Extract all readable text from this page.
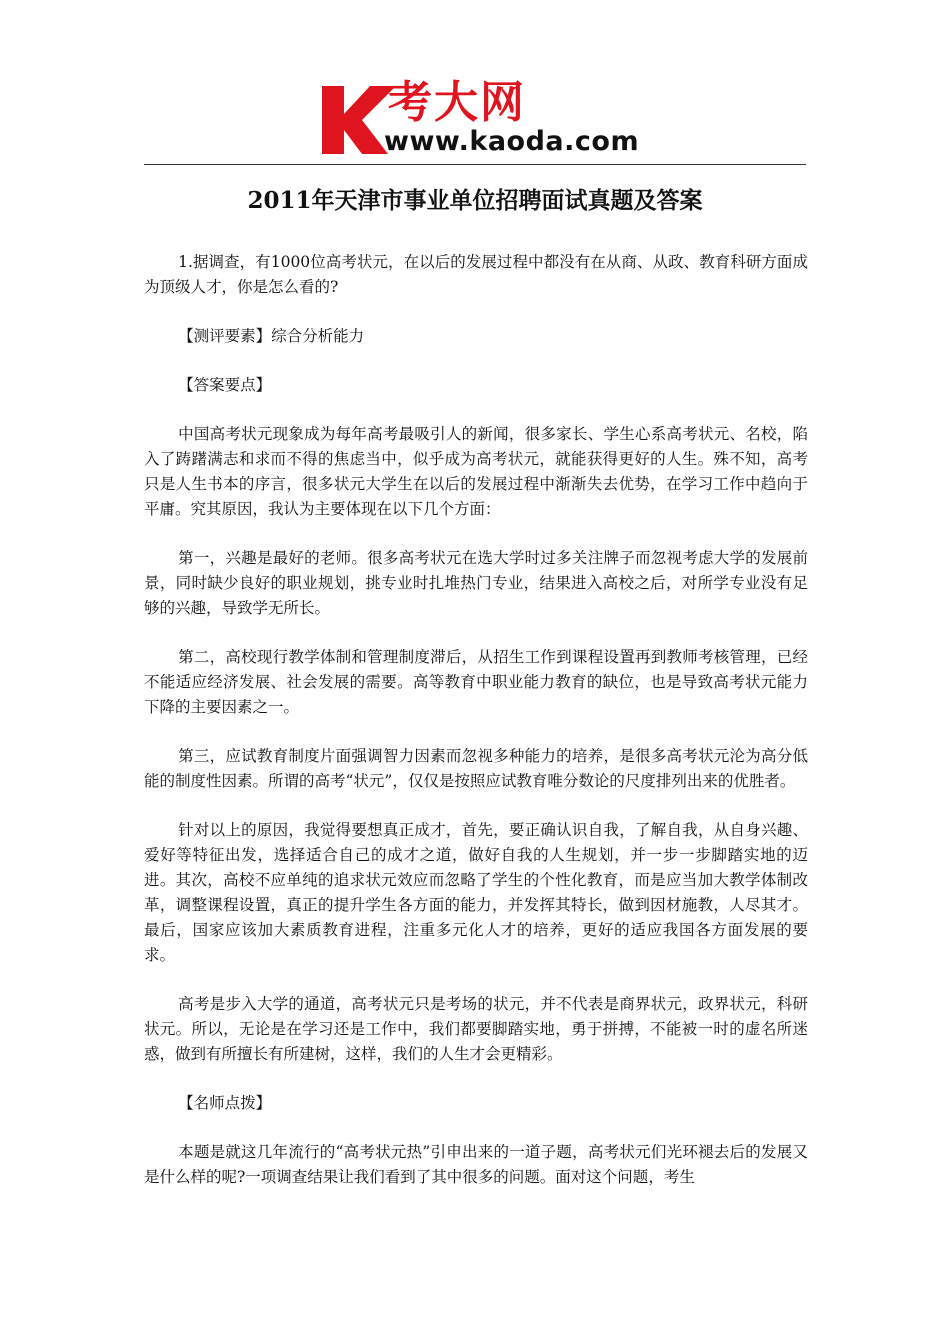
考大网
www.kaoda.com
2011年天津市事业单位招聘面试真题及答案

1.据调查，有1000位高考状元，在以后的发展过程中都没有在从商、从政、教育科研方面成为顶级人才，你是怎么看的?

【测评要素】综合分析能力

【答案要点】

中国高考状元现象成为每年高考最吸引人的新闻，很多家长、学生心系高考状元、名校，陷入了踌躇满志和求而不得的焦虑当中，似乎成为高考状元，就能获得更好的人生。殊不知，高考只是人生书本的序言，很多状元大学生在以后的发展过程中渐渐失去优势，在学习工作中趋向于平庸。究其原因，我认为主要体现在以下几个方面：

第一，兴趣是最好的老师。很多高考状元在选大学时过多关注牌子而忽视考虑大学的发展前景，同时缺少良好的职业规划，挑专业时扎堆热门专业，结果进入高校之后，对所学专业没有足够的兴趣，导致学无所长。

第二，高校现行教学体制和管理制度滞后，从招生工作到课程设置再到教师考核管理，已经不能适应经济发展、社会发展的需要。高等教育中职业能力教育的缺位，也是导致高考状元能力下降的主要因素之一。

第三，应试教育制度片面强调智力因素而忽视多种能力的培养，是很多高考状元沦为高分低能的制度性因素。所谓的高考“状元”，仅仅是按照应试教育唯分数论的尺度排列出来的优胜者。

针对以上的原因，我觉得要想真正成才，首先，要正确认识自我，了解自我，从自身兴趣、爱好等特征出发，选择适合自己的成才之道，做好自我的人生规划，并一步一步脚踏实地的迈进。其次，高校不应单纯的追求状元效应而忽略了学生的个性化教育，而是应当加大教学体制改革，调整课程设置，真正的提升学生各方面的能力，并发挥其特长，做到因材施教，人尽其才。最后，国家应该加大素质教育进程，注重多元化人才的培养，更好的适应我国各方面发展的要求。

高考是步入大学的通道，高考状元只是考场的状元，并不代表是商界状元，政界状元，科研状元。所以，无论是在学习还是工作中，我们都要脚踏实地，勇于拼搏，不能被一时的虚名所迷惑，做到有所擅长有所建树，这样，我们的人生才会更精彩。

【名师点拨】

本题是就这几年流行的“高考状元热”引申出来的一道子题，高考状元们光环褪去后的发展又是什么样的呢?一项调查结果让我们看到了其中很多的问题。面对这个问题，考生
